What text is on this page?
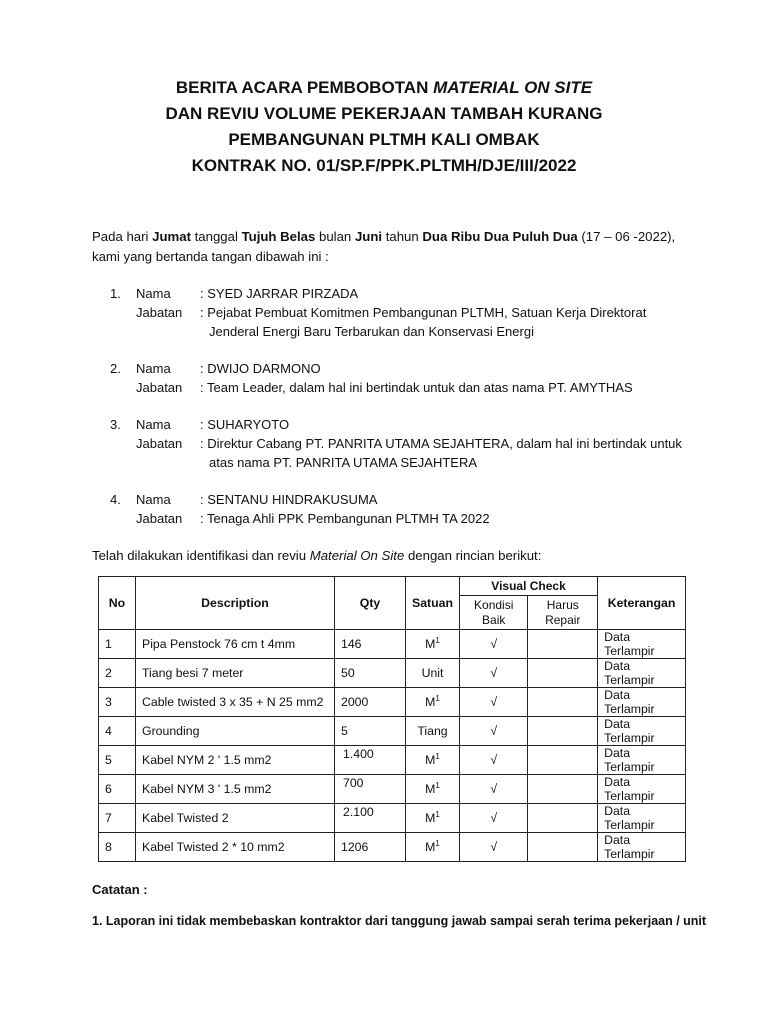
BERITA ACARA PEMBOBOTAN MATERIAL ON SITE
DAN REVIU VOLUME PEKERJAAN TAMBAH KURANG
PEMBANGUNAN PLTMH KALI OMBAK
KONTRAK NO. 01/SP.F/PPK.PLTMH/DJE/III/2022
Pada hari Jumat tanggal Tujuh Belas bulan Juni tahun Dua Ribu Dua Puluh Dua (17 – 06 -2022),
kami yang bertanda tangan dibawah ini :
1.	Nama	: SYED JARRAR PIRZADA
Jabatan	: Pejabat Pembuat Komitmen Pembangunan PLTMH, Satuan Kerja Direktorat
Jenderal Energi Baru Terbarukan dan Konservasi Energi
2.	Nama	: DWIJO DARMONO
Jabatan	: Team Leader, dalam hal ini bertindak untuk dan atas nama PT. AMYTHAS
3.	Nama	: SUHARYOTO
Jabatan	: Direktur Cabang PT. PANRITA UTAMA SEJAHTERA, dalam hal ini bertindak untuk
atas nama PT. PANRITA UTAMA SEJAHTERA
4.	Nama	: SENTANU HINDRAKUSUMA
Jabatan	: Tenaga Ahli PPK Pembangunan PLTMH TA 2022
Telah dilakukan identifikasi dan reviu Material On Site dengan rincian berikut:
No	Description	Qty	Satuan	Visual Check		Keterangan
				Kondisi Baik	Harus Repair	
1	Pipa Penstock 76 cm t 4mm	146	$M^1$	√		Data Terlampir
2	Tiang besi 7 meter	50	Unit	√		Data Terlampir
3	Cable twisted 3 x 35 + N 25 mm2	2000	$M^1$	√		Data Terlampir
4	Grounding	5	Tiang	√		Data Terlampir
5	Kabel NYM 2 ' 1.5 mm2	1.400	$M^1$	√		Data Terlampir
6	Kabel NYM 3 ' 1.5 mm2	700	$M^1$	√		Data Terlampir
7	Kabel Twisted 2	2.100	$M^1$	√		Data Terlampir
8	Kabel Twisted 2 * 10 mm2	1206	$M^1$	√		Data Terlampir
Catatan :
1. Laporan ini tidak membebaskan kontraktor dari tanggung jawab sampai serah terima pekerjaan / unit
